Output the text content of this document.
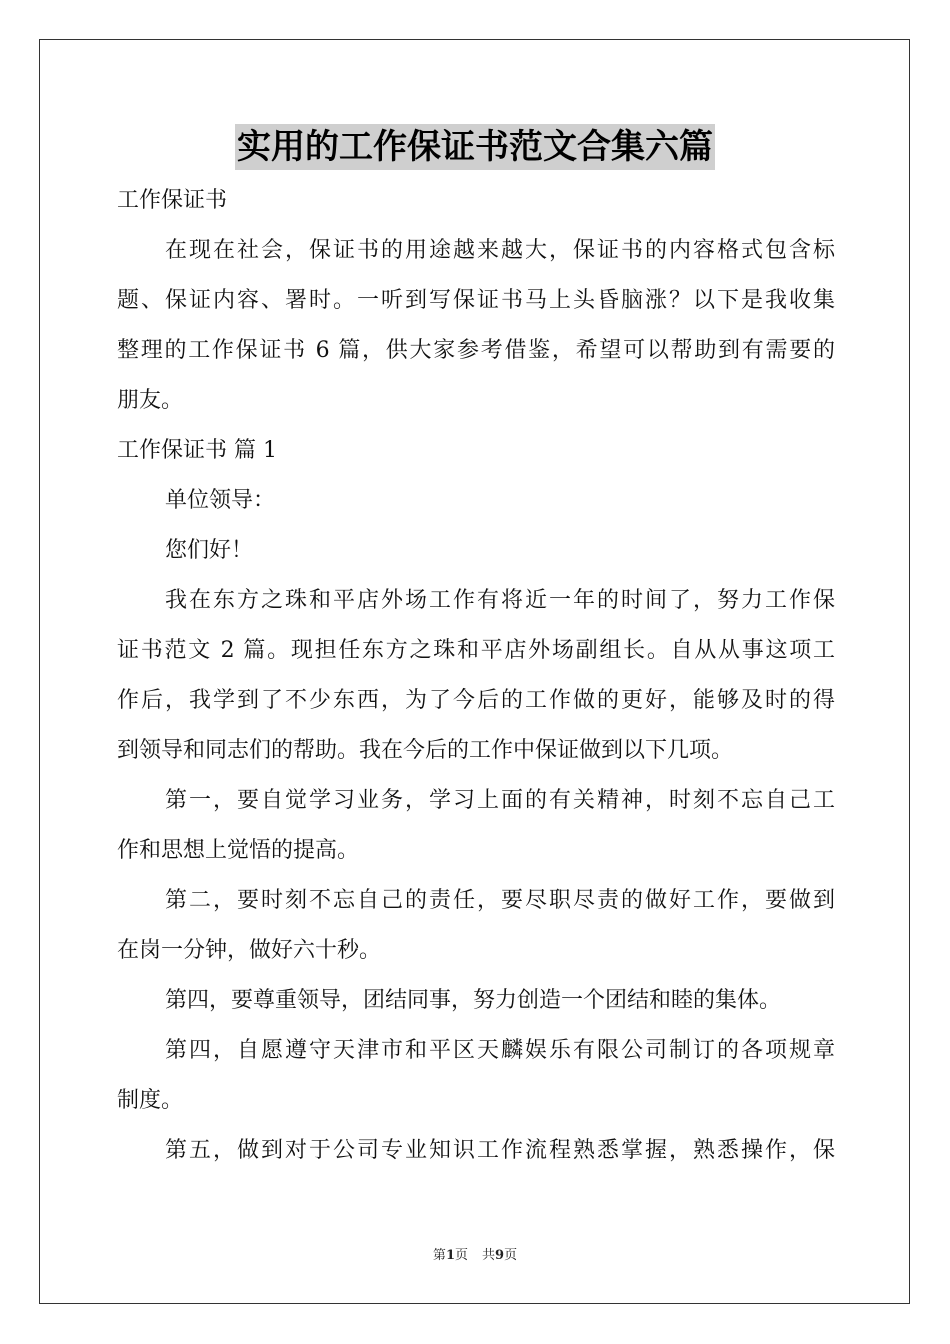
实用的工作保证书范文合集六篇
工作保证书
在现在社会，保证书的用途越来越大，保证书的内容格式包含标
题、保证内容、署时。一听到写保证书马上头昏脑涨？以下是我收集
整理的工作保证书 6 篇，供大家参考借鉴，希望可以帮助到有需要的
朋友。
工作保证书 篇 1
单位领导：
您们好！
我在东方之珠和平店外场工作有将近一年的时间了，努力工作保
证书范文 2 篇。现担任东方之珠和平店外场副组长。自从从事这项工
作后，我学到了不少东西，为了今后的工作做的更好，能够及时的得
到领导和同志们的帮助。我在今后的工作中保证做到以下几项。
第一，要自觉学习业务，学习上面的有关精神，时刻不忘自己工
作和思想上觉悟的提高。
第二，要时刻不忘自己的责任，要尽职尽责的做好工作，要做到
在岗一分钟，做好六十秒。
第四，要尊重领导，团结同事，努力创造一个团结和睦的集体。
第四，自愿遵守天津市和平区天麟娱乐有限公司制订的各项规章
制度。
第五，做到对于公司专业知识工作流程熟悉掌握，熟悉操作，保
第1页 共9页
